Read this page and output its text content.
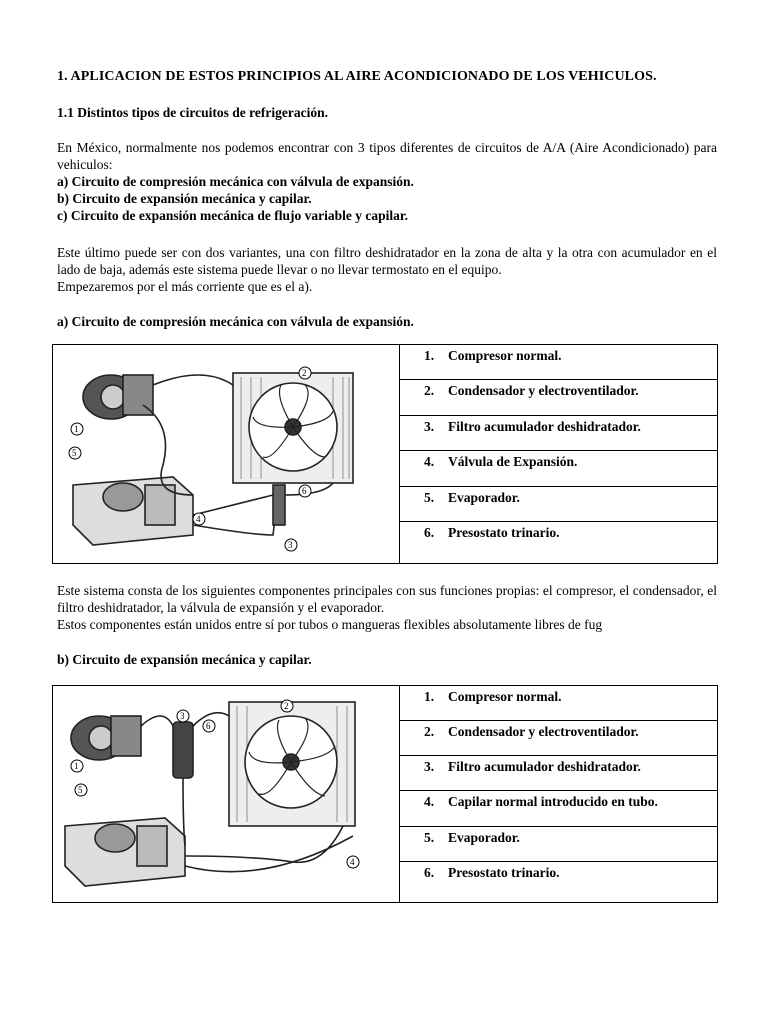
1. APLICACION DE ESTOS PRINCIPIOS AL AIRE ACONDICIONADO DE LOS VEHICULOS.
1.1 Distintos tipos de circuitos de refrigeración.

En México, normalmente nos podemos encontrar con 3 tipos diferentes de circuitos de A/A (Aire Acondicionado) para vehiculos:

a) Circuito de compresión mecánica con válvula de expansión.

b) Circuito de expansión mecánica y capilar.

c) Circuito de expansión mecánica de flujo variable y capilar.

Este último puede ser con dos variantes, una con filtro deshidratador en la zona de alta y la otra con acumulador en el lado de baja, además este sistema puede llevar o no llevar termostato en el equipo.

Empezaremos por el más corriente que es el a).

a) Circuito de compresión mecánica con válvula de expansión.
1
2
3
4
5
6

1.	Compresor normal.

2.	Condensador y electroventilador.

3.	Filtro acumulador deshidratador.

4.	Válvula de Expansión.

5.	Evaporador.

6.	Presostato trinario.

Este sistema consta de los siguientes componentes principales con sus funciones propias: el compresor, el condensador, el filtro deshidratador, la válvula de expansión y el evaporador.

Estos componentes están unidos entre sí por tubos o mangueras flexibles absolutamente libres de fug

b) Circuito de expansión mecánica y capilar.
1
2
3
4
5
6

1.	Compresor normal.

2.	Condensador y electroventilador.

3.	Filtro acumulador deshidratador.

4.	Capilar normal introducido en tubo.

5.	Evaporador.

6.	Presostato trinario.
